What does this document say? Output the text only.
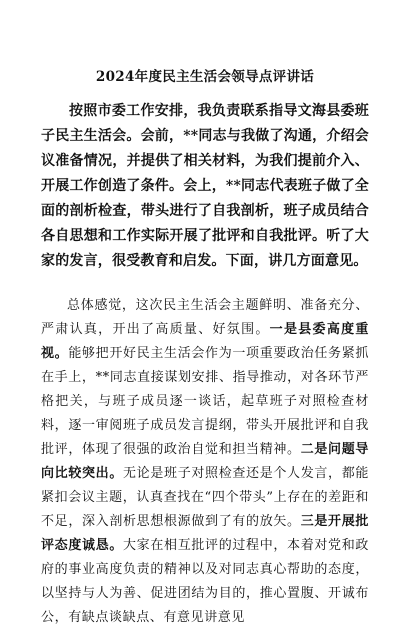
2024年度民主生活会领导点评讲话

按照市委工作安排，我负责联系指导文海县委班子民主生活会。会前，**同志与我做了沟通，介绍会议准备情况，并提供了相关材料，为我们提前介入、开展工作创造了条件。会上，**同志代表班子做了全面的剖析检查，带头进行了自我剖析，班子成员结合各自思想和工作实际开展了批评和自我批评。听了大家的发言，很受教育和启发。下面，讲几方面意见。

总体感觉，这次民主生活会主题鲜明、准备充分、严肃认真，开出了高质量、好氛围。一是县委高度重视。能够把开好民主生活会作为一项重要政治任务紧抓在手上，**同志直接谋划安排、指导推动，对各环节严格把关，与班子成员逐一谈话，起草班子对照检查材料，逐一审阅班子成员发言提纲，带头开展批评和自我批评，体现了很强的政治自觉和担当精神。二是问题导向比较突出。无论是班子对照检查还是个人发言，都能紧扣会议主题，认真查找在“四个带头”上存在的差距和不足，深入剖析思想根源做到了有的放矢。三是开展批评态度诚恳。大家在相互批评的过程中，本着对党和政府的事业高度负责的精神以及对同志真心帮助的态度，以坚持与人为善、促进团结为目的，推心置腹、开诚布公，有缺点谈缺点、有意见讲意见
